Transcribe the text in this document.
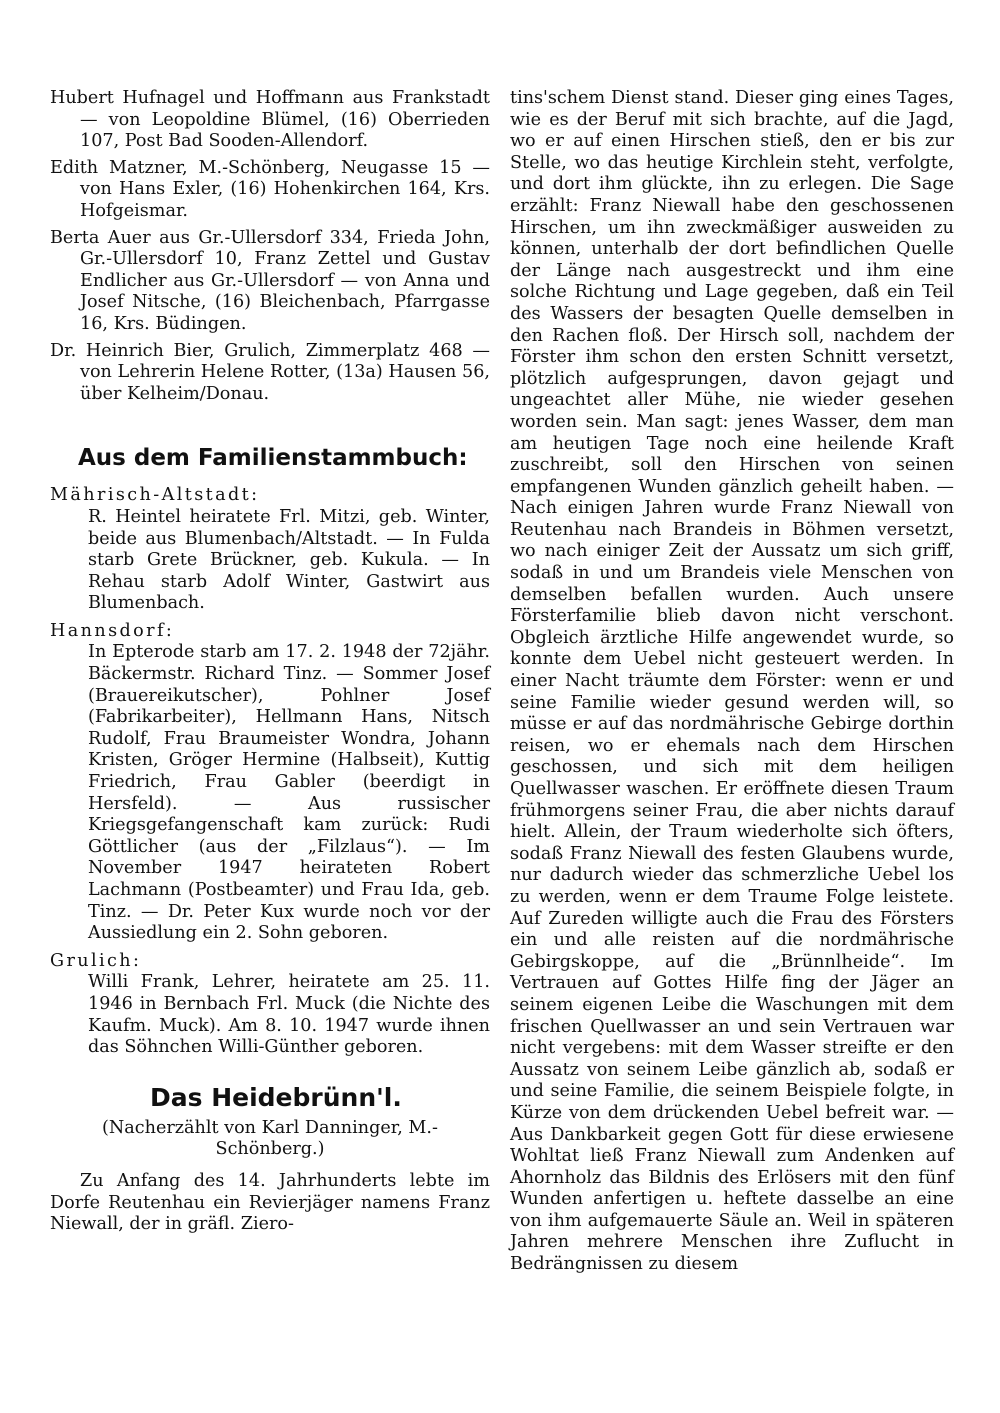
Hubert Hufnagel und Hoffmann aus Frankstadt — von Leopoldine Blümel, (16) Oberrieden 107, Post Bad Sooden-Allendorf.

Edith Matzner, M.-Schönberg, Neugasse 15 — von Hans Exler, (16) Hohenkirchen 164, Krs. Hofgeismar.

Berta Auer aus Gr.-Ullersdorf 334, Frieda John, Gr.-Ullersdorf 10, Franz Zettel und Gustav Endlicher aus Gr.-Ullersdorf — von Anna und Josef Nitsche, (16) Bleichenbach, Pfarrgasse 16, Krs. Büdingen.

Dr. Heinrich Bier, Grulich, Zimmerplatz 468 — von Lehrerin Helene Rotter, (13a) Hausen 56, über Kelheim/Donau.

Aus dem Familienstammbuch:

Mährisch-Altstadt:

R. Heintel heiratete Frl. Mitzi, geb. Winter, beide aus Blumenbach/Altstadt. — In Fulda starb Grete Brückner, geb. Kukula. — In Rehau starb Adolf Winter, Gastwirt aus Blumenbach.

Hannsdorf:

In Epterode starb am 17. 2. 1948 der 72jähr. Bäckermstr. Richard Tinz. — Sommer Josef (Brauereikutscher), Pohlner Josef (Fabrikarbeiter), Hellmann Hans, Nitsch Rudolf, Frau Braumeister Wondra, Johann Kristen, Gröger Hermine (Halbseit), Kuttig Friedrich, Frau Gabler (beerdigt in Hersfeld). — Aus russischer Kriegsgefangenschaft kam zurück: Rudi Göttlicher (aus der „Filzlaus“). — Im November 1947 heirateten Robert Lachmann (Postbeamter) und Frau Ida, geb. Tinz. — Dr. Peter Kux wurde noch vor der Aussiedlung ein 2. Sohn geboren.

Grulich:

Willi Frank, Lehrer, heiratete am 25. 11. 1946 in Bernbach Frl. Muck (die Nichte des Kaufm. Muck). Am 8. 10. 1947 wurde ihnen das Söhnchen Willi-Günther geboren.

Das Heidebrünn'l.

(Nacherzählt von Karl Danninger, M.-Schönberg.)

Zu Anfang des 14. Jahrhunderts lebte im Dorfe Reutenhau ein Revierjäger namens Franz Niewall, der in gräfl. Ziero-

tins'schem Dienst stand. Dieser ging eines Tages, wie es der Beruf mit sich brachte, auf die Jagd, wo er auf einen Hirschen stieß, den er bis zur Stelle, wo das heutige Kirchlein steht, verfolgte, und dort ihm glückte, ihn zu erlegen. Die Sage erzählt: Franz Niewall habe den geschossenen Hirschen, um ihn zweckmäßiger ausweiden zu können, unterhalb der dort befindlichen Quelle der Länge nach ausgestreckt und ihm eine solche Richtung und Lage gegeben, daß ein Teil des Wassers der besagten Quelle demselben in den Rachen floß. Der Hirsch soll, nachdem der Förster ihm schon den ersten Schnitt versetzt, plötzlich aufgesprungen, davon gejagt und ungeachtet aller Mühe, nie wieder gesehen worden sein. Man sagt: jenes Wasser, dem man am heutigen Tage noch eine heilende Kraft zuschreibt, soll den Hirschen von seinen empfangenen Wunden gänzlich geheilt haben. — Nach einigen Jahren wurde Franz Niewall von Reutenhau nach Brandeis in Böhmen versetzt, wo nach einiger Zeit der Aussatz um sich griff, sodaß in und um Brandeis viele Menschen von demselben befallen wurden. Auch unsere Försterfamilie blieb davon nicht verschont. Obgleich ärztliche Hilfe angewendet wurde, so konnte dem Uebel nicht gesteuert werden. In einer Nacht träumte dem Förster: wenn er und seine Familie wieder gesund werden will, so müsse er auf das nordmährische Gebirge dorthin reisen, wo er ehemals nach dem Hirschen geschossen, und sich mit dem heiligen Quellwasser waschen. Er eröffnete diesen Traum frühmorgens seiner Frau, die aber nichts darauf hielt. Allein, der Traum wiederholte sich öfters, sodaß Franz Niewall des festen Glaubens wurde, nur dadurch wieder das schmerzliche Uebel los zu werden, wenn er dem Traume Folge leistete. Auf Zureden willigte auch die Frau des Försters ein und alle reisten auf die nordmährische Gebirgskoppe, auf die „Brünnlheide“. Im Vertrauen auf Gottes Hilfe fing der Jäger an seinem eigenen Leibe die Waschungen mit dem frischen Quellwasser an und sein Vertrauen war nicht vergebens: mit dem Wasser streifte er den Aussatz von seinem Leibe gänzlich ab, sodaß er und seine Familie, die seinem Beispiele folgte, in Kürze von dem drückenden Uebel befreit war. — Aus Dankbarkeit gegen Gott für diese erwiesene Wohltat ließ Franz Niewall zum Andenken auf Ahornholz das Bildnis des Erlösers mit den fünf Wunden anfertigen u. heftete dasselbe an eine von ihm aufgemauerte Säule an. Weil in späteren Jahren mehrere Menschen ihre Zuflucht in Bedrängnissen zu diesem
